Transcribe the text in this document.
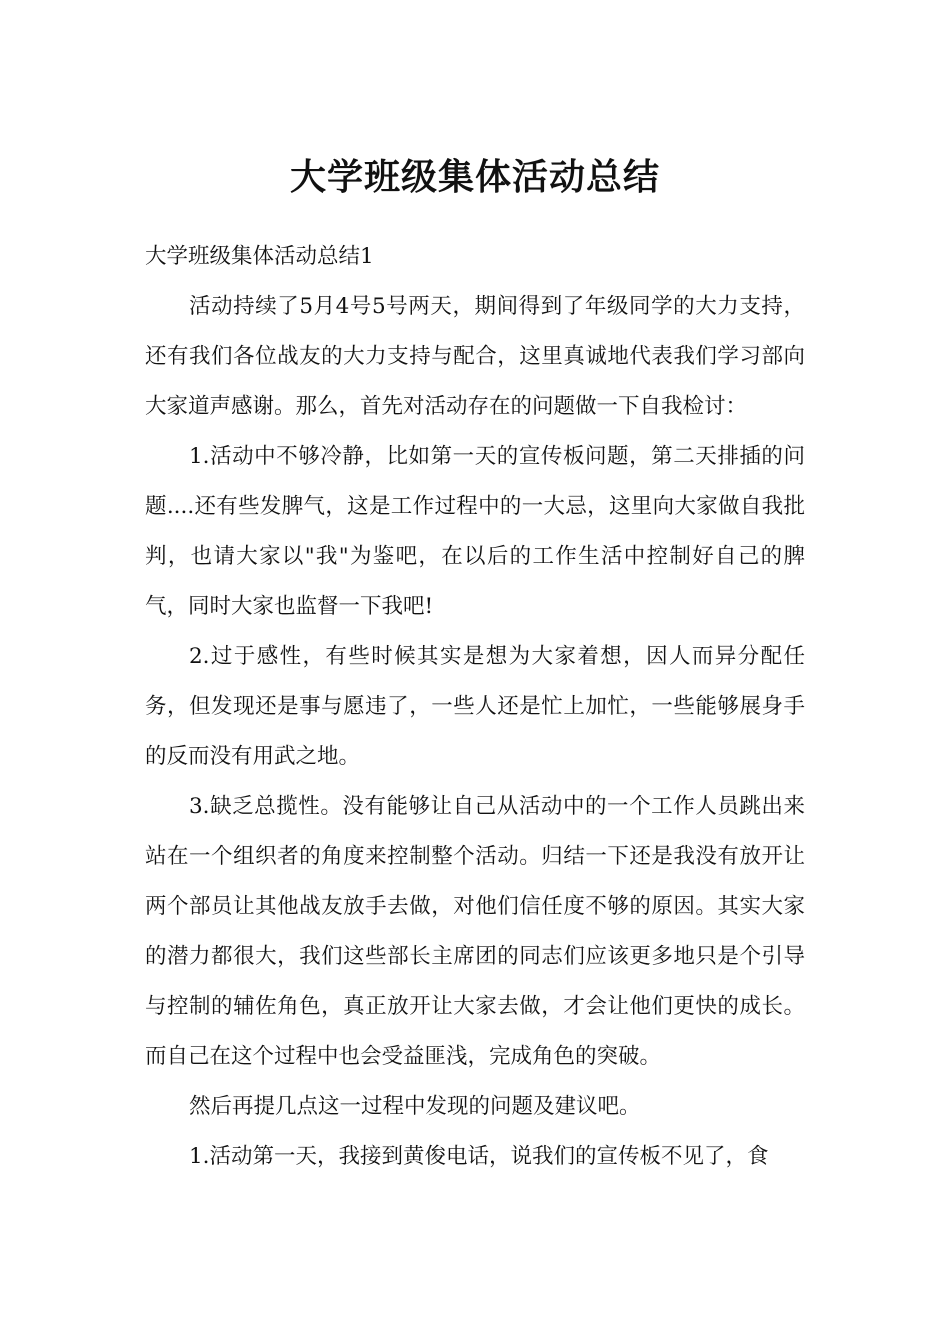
大学班级集体活动总结

大学班级集体活动总结1

活动持续了5月4号5号两天，期间得到了年级同学的大力支持，还有我们各位战友的大力支持与配合，这里真诚地代表我们学习部向大家道声感谢。那么，首先对活动存在的问题做一下自我检讨：

1.活动中不够冷静，比如第一天的宣传板问题，第二天排插的问题....还有些发脾气，这是工作过程中的一大忌，这里向大家做自我批判，也请大家以"我"为鉴吧，在以后的工作生活中控制好自己的脾气，同时大家也监督一下我吧!

2.过于感性，有些时候其实是想为大家着想，因人而异分配任务，但发现还是事与愿违了，一些人还是忙上加忙，一些能够展身手的反而没有用武之地。

3.缺乏总揽性。没有能够让自己从活动中的一个工作人员跳出来站在一个组织者的角度来控制整个活动。归结一下还是我没有放开让两个部员让其他战友放手去做，对他们信任度不够的原因。其实大家的潜力都很大，我们这些部长主席团的同志们应该更多地只是个引导与控制的辅佐角色，真正放开让大家去做，才会让他们更快的成长。而自己在这个过程中也会受益匪浅，完成角色的突破。

然后再提几点这一过程中发现的问题及建议吧。

1.活动第一天，我接到黄俊电话，说我们的宣传板不见了，食
